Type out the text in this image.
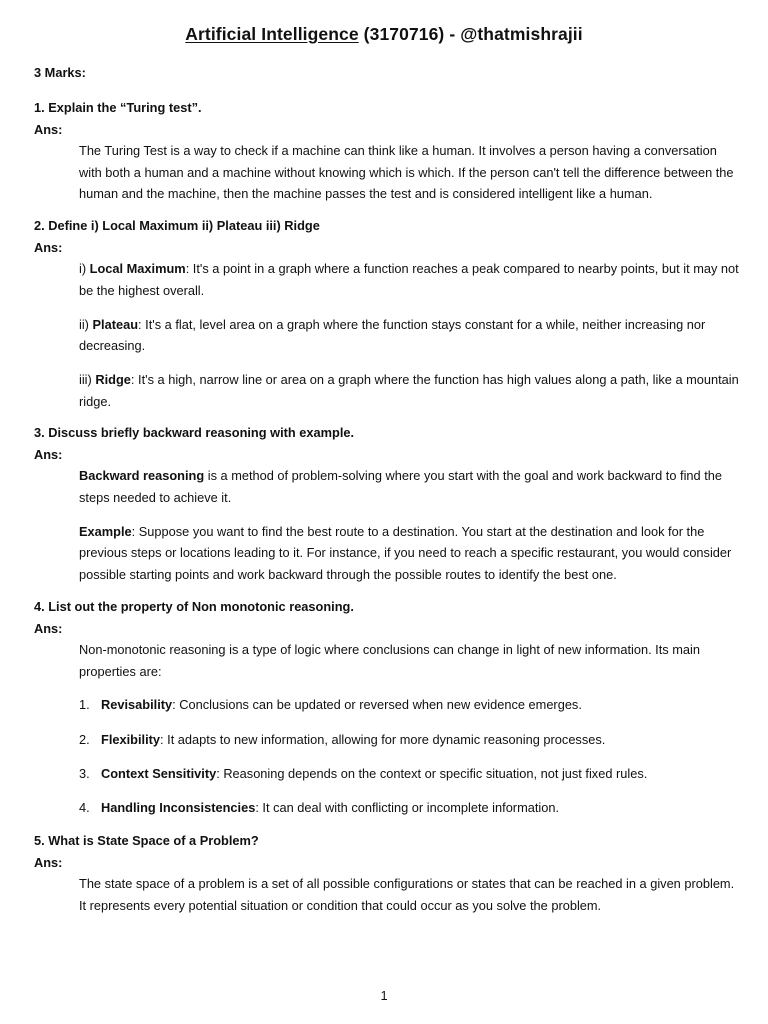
Artificial Intelligence (3170716) - @thatmishrajii
3 Marks:
1. Explain the “Turing test”.
Ans:

The Turing Test is a way to check if a machine can think like a human. It involves a person having a conversation with both a human and a machine without knowing which is which. If the person can't tell the difference between the human and the machine, then the machine passes the test and is considered intelligent like a human.

2. Define i) Local Maximum ii) Plateau iii) Ridge
Ans:

i) Local Maximum: It's a point in a graph where a function reaches a peak compared to nearby points, but it may not be the highest overall.

ii) Plateau: It's a flat, level area on a graph where the function stays constant for a while, neither increasing nor decreasing.

iii) Ridge: It's a high, narrow line or area on a graph where the function has high values along a path, like a mountain ridge.

3. Discuss briefly backward reasoning with example.
Ans:

Backward reasoning is a method of problem-solving where you start with the goal and work backward to find the steps needed to achieve it.

Example: Suppose you want to find the best route to a destination. You start at the destination and look for the previous steps or locations leading to it. For instance, if you need to reach a specific restaurant, you would consider possible starting points and work backward through the possible routes to identify the best one.

4. List out the property of Non monotonic reasoning.
Ans:

Non-monotonic reasoning is a type of logic where conclusions can change in light of new information. Its main properties are:

1. Revisability: Conclusions can be updated or reversed when new evidence emerges.
2. Flexibility: It adapts to new information, allowing for more dynamic reasoning processes.
3. Context Sensitivity: Reasoning depends on the context or specific situation, not just fixed rules.
4. Handling Inconsistencies: It can deal with conflicting or incomplete information.
5. What is State Space of a Problem?
Ans:

The state space of a problem is a set of all possible configurations or states that can be reached in a given problem. It represents every potential situation or condition that could occur as you solve the problem.

1
